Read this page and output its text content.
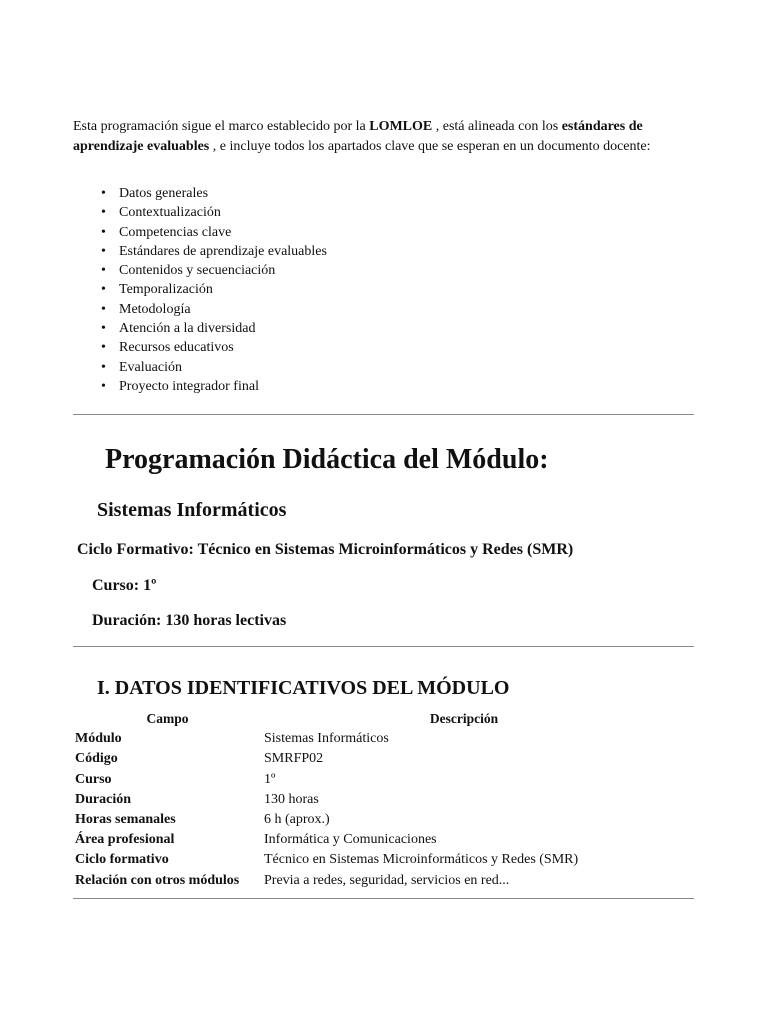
Esta programación sigue el marco establecido por la LOMLOE , está alineada con los estándares de aprendizaje evaluables , e incluye todos los apartados clave que se esperan en un documento docente:

• Datos generales
• Contextualización
• Competencias clave
• Estándares de aprendizaje evaluables
• Contenidos y secuenciación
• Temporalización
• Metodología
• Atención a la diversidad
• Recursos educativos
• Evaluación
• Proyecto integrador final
Programación Didáctica del Módulo:
Sistemas Informáticos

Ciclo Formativo: Técnico en Sistemas Microinformáticos y Redes (SMR)

Curso: 1º

Duración: 130 horas lectivas

I. DATOS IDENTIFICATIVOS DEL MÓDULO
Campo	Descripción
Módulo	Sistemas Informáticos
Código	SMRFP02
Curso	1º
Duración	130 horas
Horas semanales	6 h (aprox.)
Área profesional	Informática y Comunicaciones
Ciclo formativo	Técnico en Sistemas Microinformáticos y Redes (SMR)
Relación con otros módulos	Previa a redes, seguridad, servicios en red...
